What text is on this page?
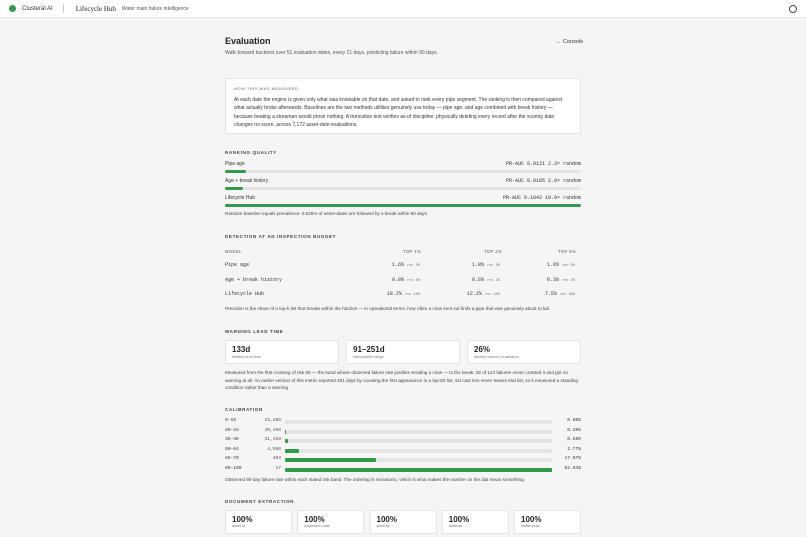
Clusteral AI	Lifecycle Hub Water main failure intelligence
Evaluation
Walk-forward backtest over 51 evaluation dates, every 21 days, predicting failure within 90 days.
← Console
HOW THIS WAS MEASURED
At each date the engine is given only what was knowable on that date, and asked to rank every pipe segment. The ranking is then compared against what actually broke afterwards. Baselines are the two methods utilities genuinely use today — pipe age, and age combined with break history — because beating a streaman would prove nothing. A truncation test verifies as-of discipline: physically deleting every record after the scoring date changes no score, across 7,172 asset-date evaluations.
RANKING QUALITY
Pipe age	PR-AUC 0.0121 2.3× random
Age + break history	PR-AUC 0.0105 2.0× random
Lifecycle Hub	PR-AUC 0.1043 19.9× random
Random baseline equals prevalence: 0.525% of asset-dates are followed by a break within 90 days.
DETECTION AT AN INSPECTION BUDGET
MODEL	TOP 1%	TOP 2%	TOP 5%
Pipe age	1.6% rec 2%	1.0% rec 3%	1.6% rec 8%
Age + break history	0.0% rec 0%	0.6% rec 2%	0.3% rec 3%
Lifecycle Hub	18.2% rec 18%	12.2% rec 25%	7.5% rec 36%
Precision is the share of a top-k list that breaks within the horizon — in operational terms, how often a crew sent out finds a pipe that was genuinely about to fail.
WARNING LEAD TIME
133d
median lead time
91–251d
interquartile range
26%
failures warned in advance
Measured from the first crossing of risk 65 — the band whose observed failure rate justifies sending a crew — to the break. 92 of 124 failures never crossed it and got no warning at all. An earlier version of this metric reported 401 days by counting the first appearance in a top-50 list; old cast iron never leaves that list, so it measured a standing condition rather than a warning.
CALIBRATION
0–19	23,206	0.00%
20–34	30,496	0.20%
35–49	31,428	0.68%
50–64	4,950	2.77%
65–79	403	17.87%
80–100	17	52.94%
Observed 90-day failure rate within each stated risk band. The ordering is monotonic, which is what makes the number on the dial mean something.
DOCUMENT EXTRACTION
100%
asset id
100%
inspection date
100%
severity
100%
material
100%
install year
